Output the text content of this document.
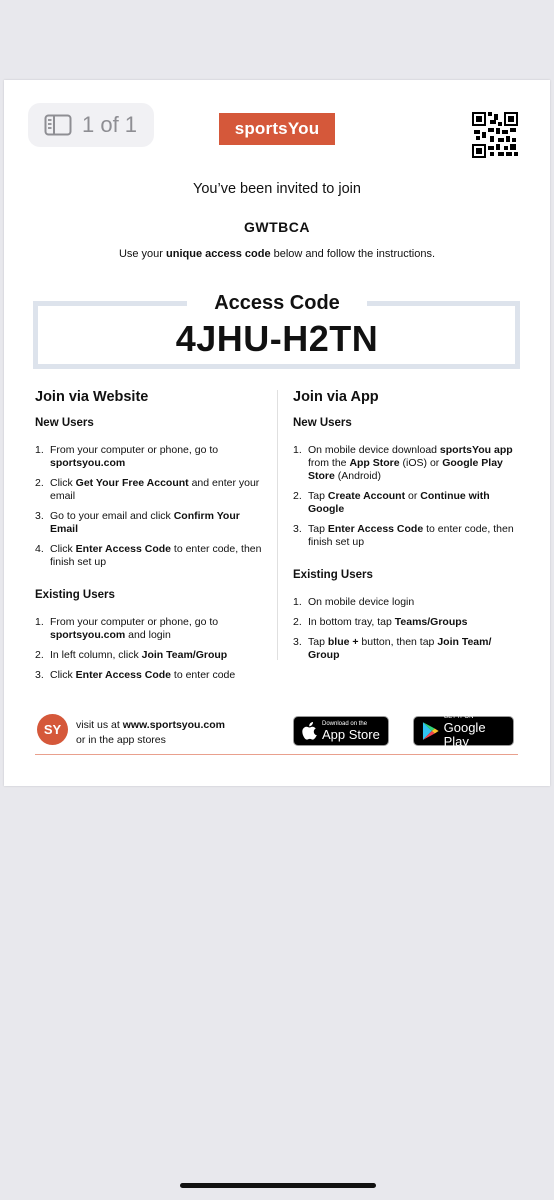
1 of 1	sportsYou
You’ve been invited to join
GWTBCA
Use your unique access code below and follow the instructions.
Access Code
4JHU-H2TN
Join via Website
New Users
1. From your computer or phone, go to sportsyou.com
2. Click Get Your Free Account and enter your email
3. Go to your email and click Confirm Your Email
4. Click Enter Access Code to enter code, then finish set up
Existing Users
1. From your computer or phone, go to sportsyou.com and login
2. In left column, click Join Team/Group
3. Click Enter Access Code to enter code
Join via App
New Users
1. On mobile device download sportsYou app from the App Store (iOS) or Google Play Store (Android)
2. Tap Create Account or Continue with Google
3. Tap Enter Access Code to enter code, then finish set up
Existing Users
1. On mobile device login
2. In bottom tray, tap Teams/Groups
3. Tap blue + button, then tap Join Team/ Group
SY	visit us at www.sportsyou.com
or in the app stores
Download on the
App Store
GET IT ON
Google Play
